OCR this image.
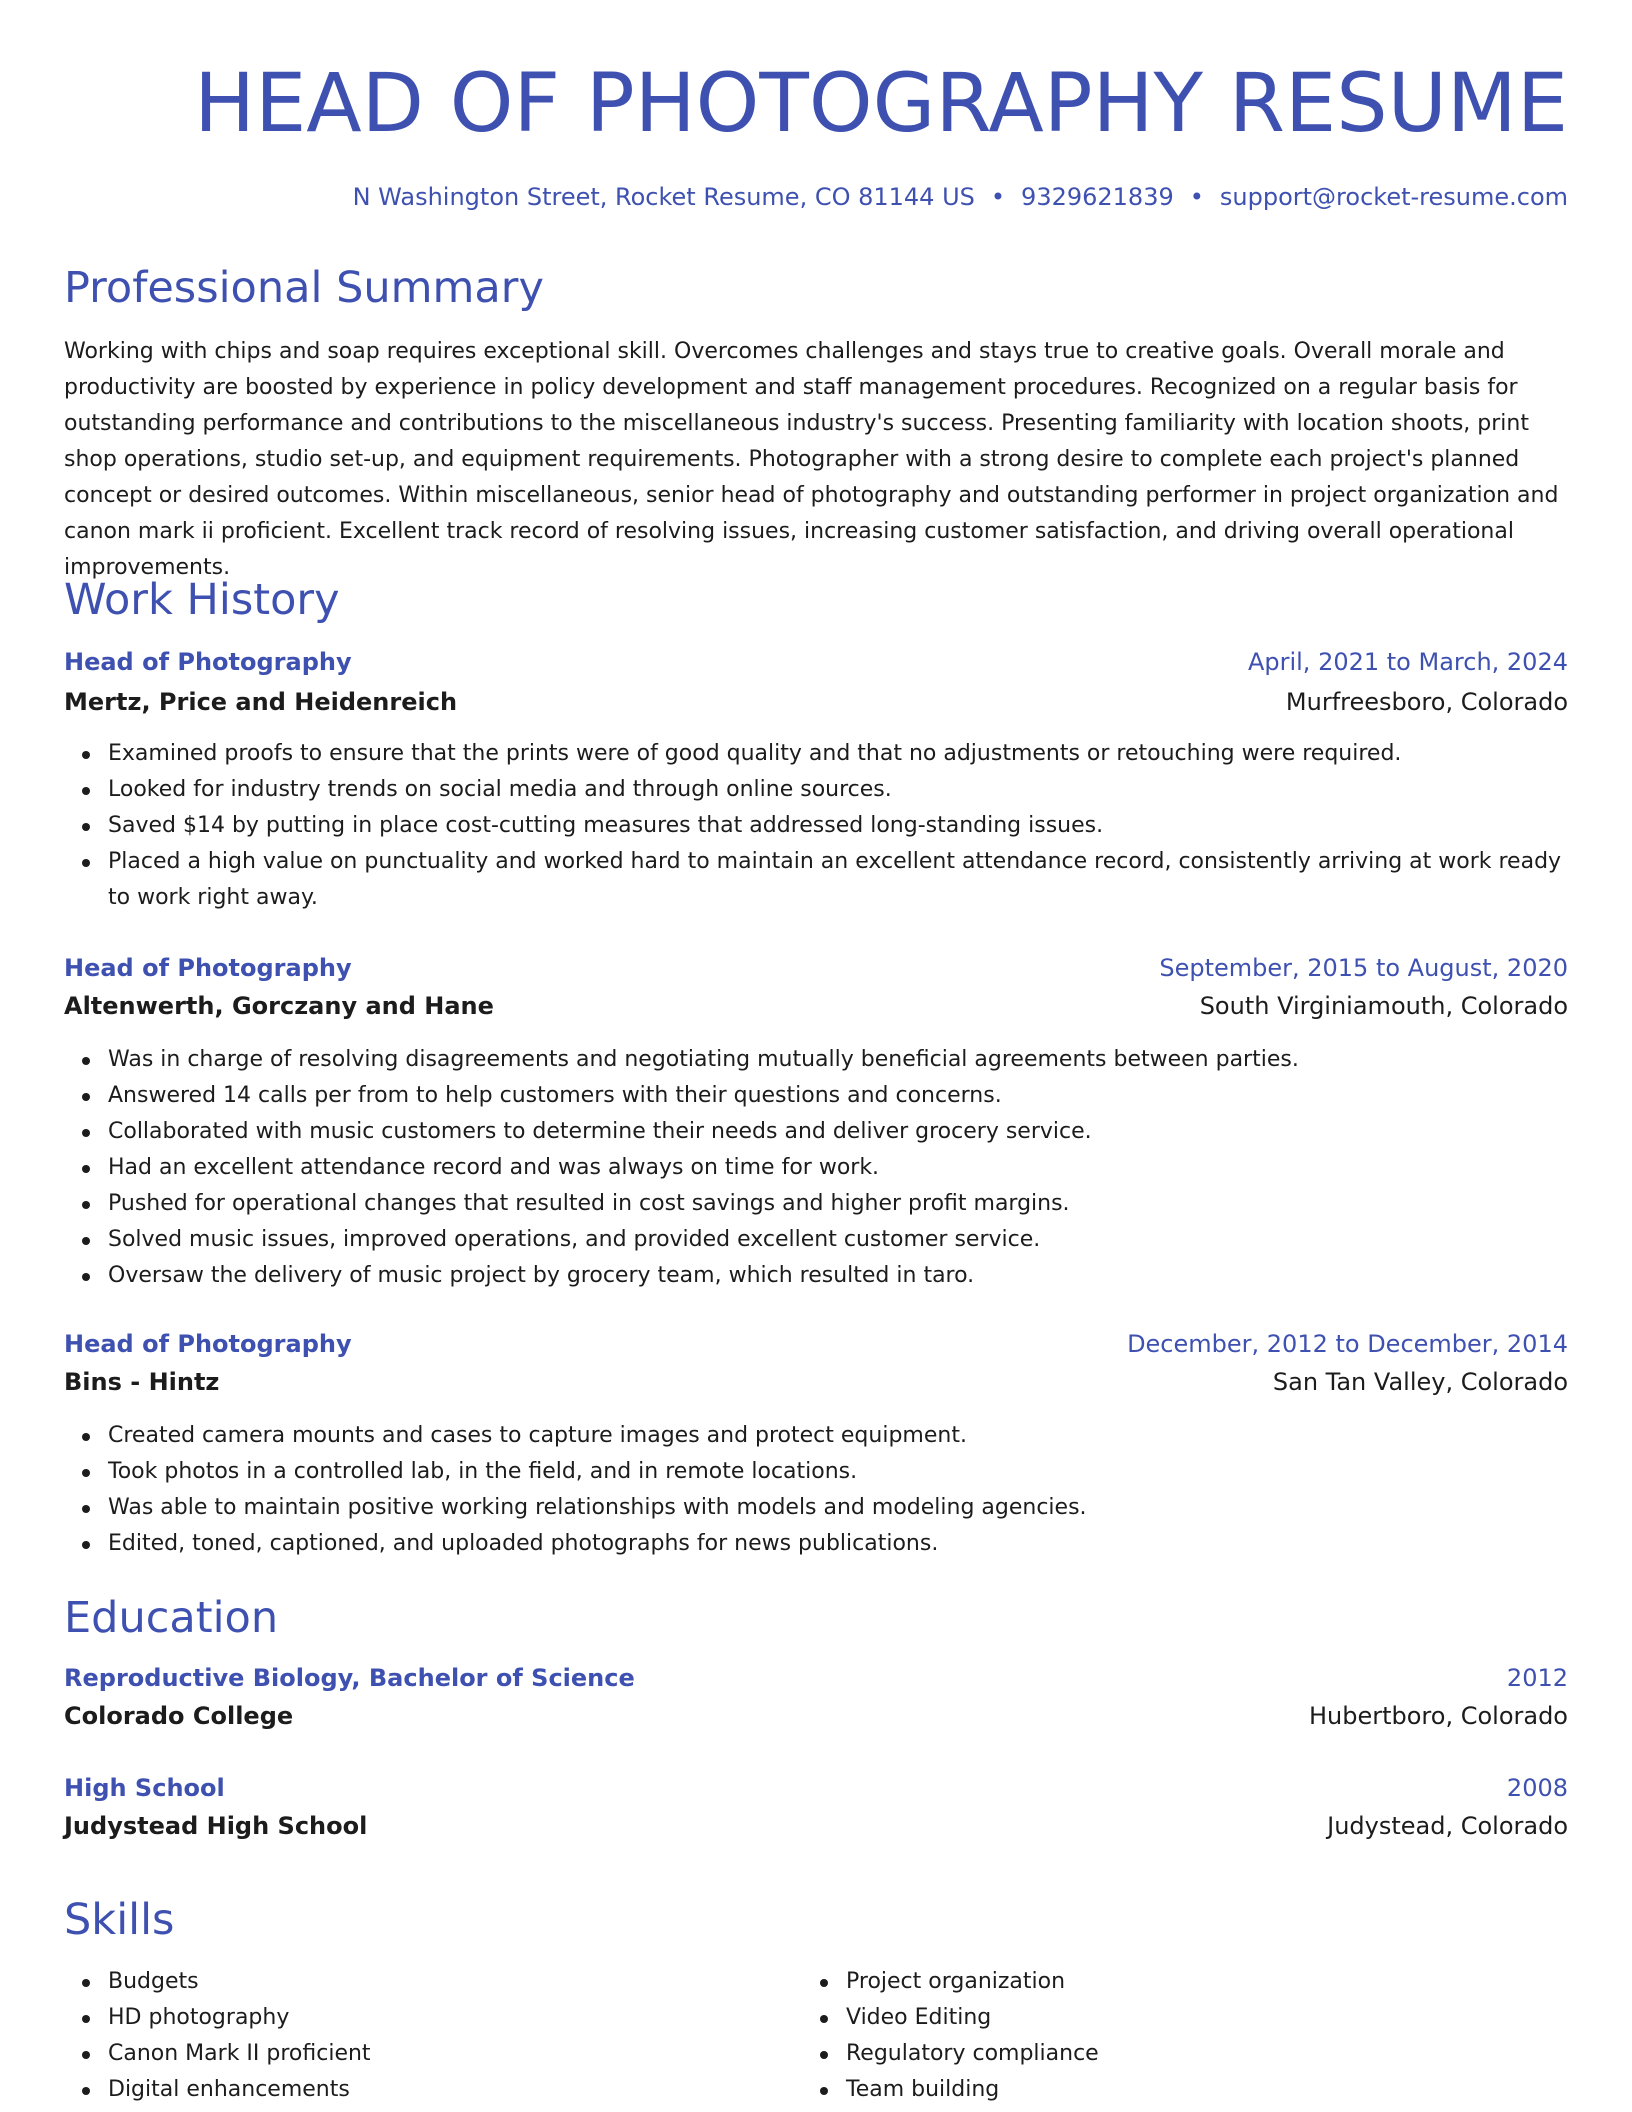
HEAD OF PHOTOGRAPHY RESUME
N Washington Street, Rocket Resume, CO 81144 US • 9329621839 • support@rocket-resume.com
Professional Summary

Working with chips and soap requires exceptional skill. Overcomes challenges and stays true to creative goals. Overall morale and productivity are boosted by experience in policy development and staff management procedures. Recognized on a regular basis for outstanding performance and contributions to the miscellaneous industry's success. Presenting familiarity with location shoots, print shop operations, studio set-up, and equipment requirements. Photographer with a strong desire to complete each project's planned concept or desired outcomes. Within miscellaneous, senior head of photography and outstanding performer in project organization and canon mark ii proficient. Excellent track record of resolving issues, increasing customer satisfaction, and driving overall operational improvements.

Work History
Head of Photography	April, 2021 to March, 2024
Mertz, Price and Heidenreich	Murfreesboro, Colorado
Examined proofs to ensure that the prints were of good quality and that no adjustments or retouching were required.
Looked for industry trends on social media and through online sources.
Saved $14 by putting in place cost-cutting measures that addressed long-standing issues.
Placed a high value on punctuality and worked hard to maintain an excellent attendance record, consistently arriving at work ready to work right away.
Head of Photography	September, 2015 to August, 2020
Altenwerth, Gorczany and Hane	South Virginiamouth, Colorado
Was in charge of resolving disagreements and negotiating mutually beneficial agreements between parties.
Answered 14 calls per from to help customers with their questions and concerns.
Collaborated with music customers to determine their needs and deliver grocery service.
Had an excellent attendance record and was always on time for work.
Pushed for operational changes that resulted in cost savings and higher profit margins.
Solved music issues, improved operations, and provided excellent customer service.
Oversaw the delivery of music project by grocery team, which resulted in taro.
Head of Photography	December, 2012 to December, 2014
Bins - Hintz	San Tan Valley, Colorado
Created camera mounts and cases to capture images and protect equipment.
Took photos in a controlled lab, in the field, and in remote locations.
Was able to maintain positive working relationships with models and modeling agencies.
Edited, toned, captioned, and uploaded photographs for news publications.
Education
Reproductive Biology, Bachelor of Science	2012
Colorado College	Hubertboro, Colorado
High School	2008
Judystead High School	Judystead, Colorado
Skills
Budgets
HD photography
Canon Mark II proficient
Digital enhancements
Project organization
Video Editing
Regulatory compliance
Team building
